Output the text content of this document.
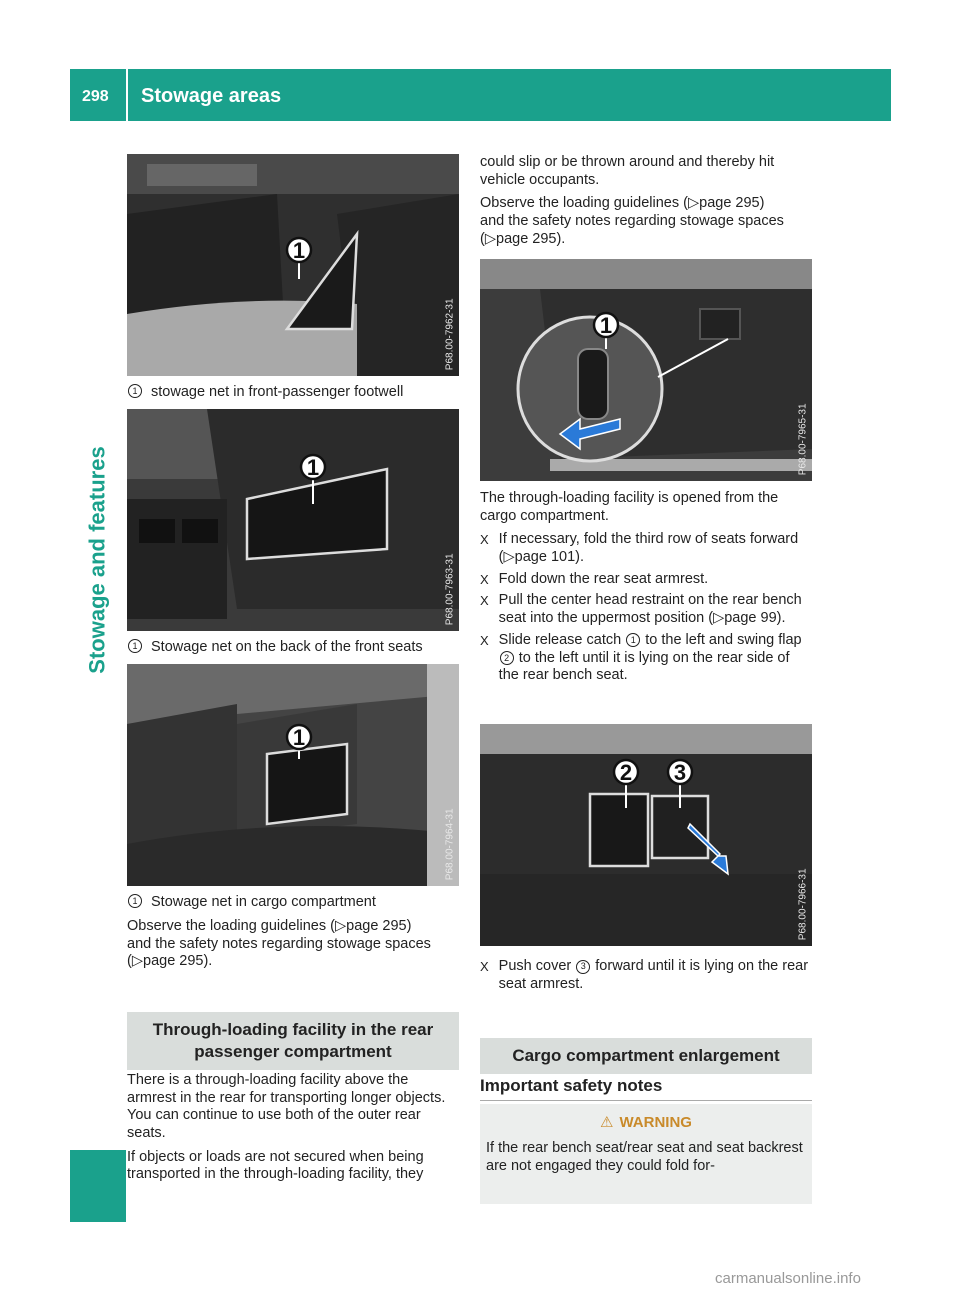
298 Stowage areas
Stowage and features
1
P68.00-7962-31
1 stowage net in front-passenger footwell
1
P68.00-7963-31
1 Stowage net on the back of the front seats
1
P68.00-7964-31
1 Stowage net in cargo compartment
Observe the loading guidelines (▷page 295)
and the safety notes regarding stowage spaces
(▷page 295).
Through-loading facility in the rear
passenger compartment

There is a through-loading facility above the armrest in the rear for transporting longer objects. You can continue to use both of the outer rear seats.

If objects or loads are not secured when being transported in the through-loading facility, they

could slip or be thrown around and thereby hit vehicle occupants.

Observe the loading guidelines (▷page 295)
and the safety notes regarding stowage spaces
(▷page 295).

1
P68.00-7965-31

The through-loading facility is opened from the cargo compartment.

X If necessary, fold the third row of seats forward (▷page 101).
X Fold down the rear seat armrest.
X Pull the center head restraint on the rear bench seat into the uppermost position (▷page 99).
X Slide release catch 1 to the left and swing flap 2 to the left until it is lying on the rear side of the rear bench seat.
2 3
P68.00-7966-31
X Push cover 3 forward until it is lying on the rear seat armrest.
Cargo compartment enlargement
Important safety notes
⚠ WARNING
If the rear bench seat/rear seat and seat backrest are not engaged they could fold for-
carmanualsonline.info
